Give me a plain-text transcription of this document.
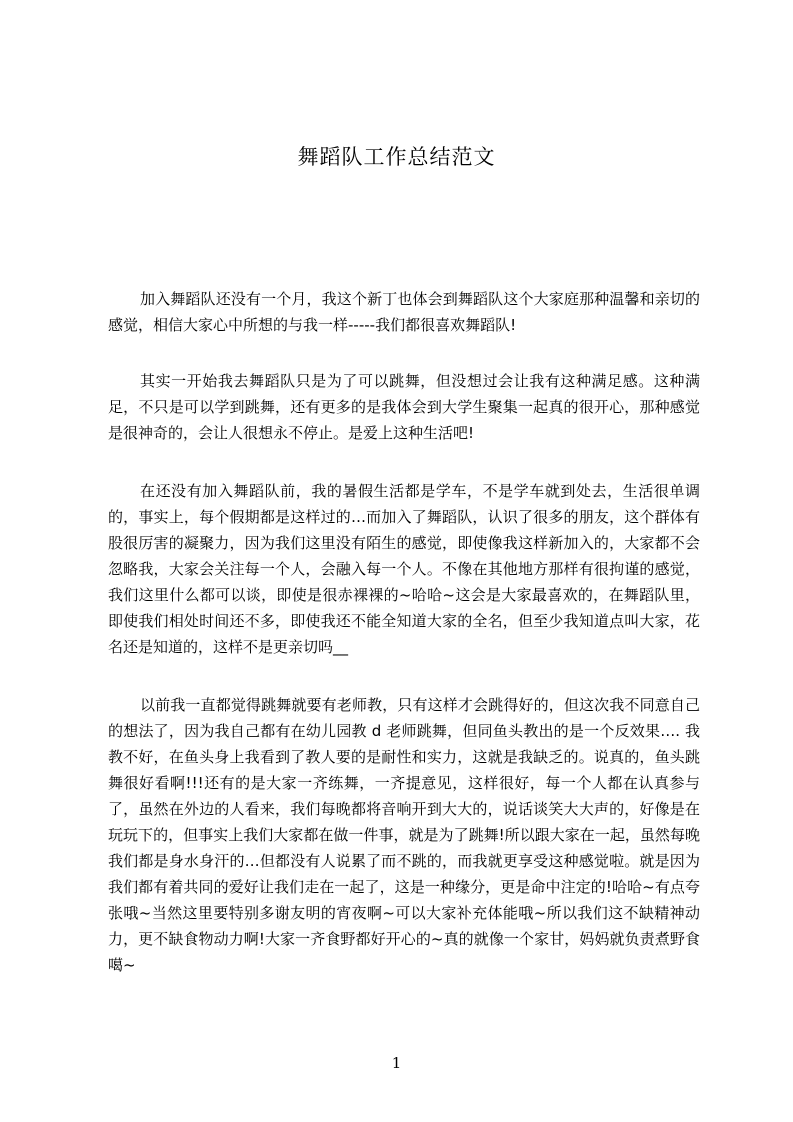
舞蹈队工作总结范文

加入舞蹈队还没有一个月，我这个新丁也体会到舞蹈队这个大家庭那种温馨和亲切的感觉，相信大家心中所想的与我一样-----我们都很喜欢舞蹈队!

其实一开始我去舞蹈队只是为了可以跳舞，但没想过会让我有这种满足感。这种满足，不只是可以学到跳舞，还有更多的是我体会到大学生聚集一起真的很开心，那种感觉是很神奇的，会让人很想永不停止。是爱上这种生活吧!

在还没有加入舞蹈队前，我的暑假生活都是学车，不是学车就到处去，生活很单调的，事实上，每个假期都是这样过的…而加入了舞蹈队，认识了很多的朋友，这个群体有股很厉害的凝聚力，因为我们这里没有陌生的感觉，即使像我这样新加入的，大家都不会忽略我，大家会关注每一个人，会融入每一个人。不像在其他地方那样有很拘谨的感觉，我们这里什么都可以谈，即使是很赤裸裸的~哈哈~这会是大家最喜欢的，在舞蹈队里，即使我们相处时间还不多，即使我还不能全知道大家的全名，但至少我知道点叫大家，花名还是知道的，这样不是更亲切吗__

以前我一直都觉得跳舞就要有老师教，只有这样才会跳得好的，但这次我不同意自己的想法了，因为我自己都有在幼儿园教 d 老师跳舞，但同鱼头教出的是一个反效果…. 我教不好，在鱼头身上我看到了教人要的是耐性和实力，这就是我缺乏的。说真的，鱼头跳舞很好看啊!!!还有的是大家一齐练舞，一齐提意见，这样很好，每一个人都在认真参与了，虽然在外边的人看来，我们每晚都将音响开到大大的，说话谈笑大大声的，好像是在玩玩下的，但事实上我们大家都在做一件事，就是为了跳舞!所以跟大家在一起，虽然每晚我们都是身水身汗的…但都没有人说累了而不跳的，而我就更享受这种感觉啦。就是因为我们都有着共同的爱好让我们走在一起了，这是一种缘分，更是命中注定的!哈哈~有点夸张哦~当然这里要特别多谢友明的宵夜啊~可以大家补充体能哦~所以我们这不缺精神动力，更不缺食物动力啊!大家一齐食野都好开心的~真的就像一个家甘，妈妈就负责煮野食噶~

1
